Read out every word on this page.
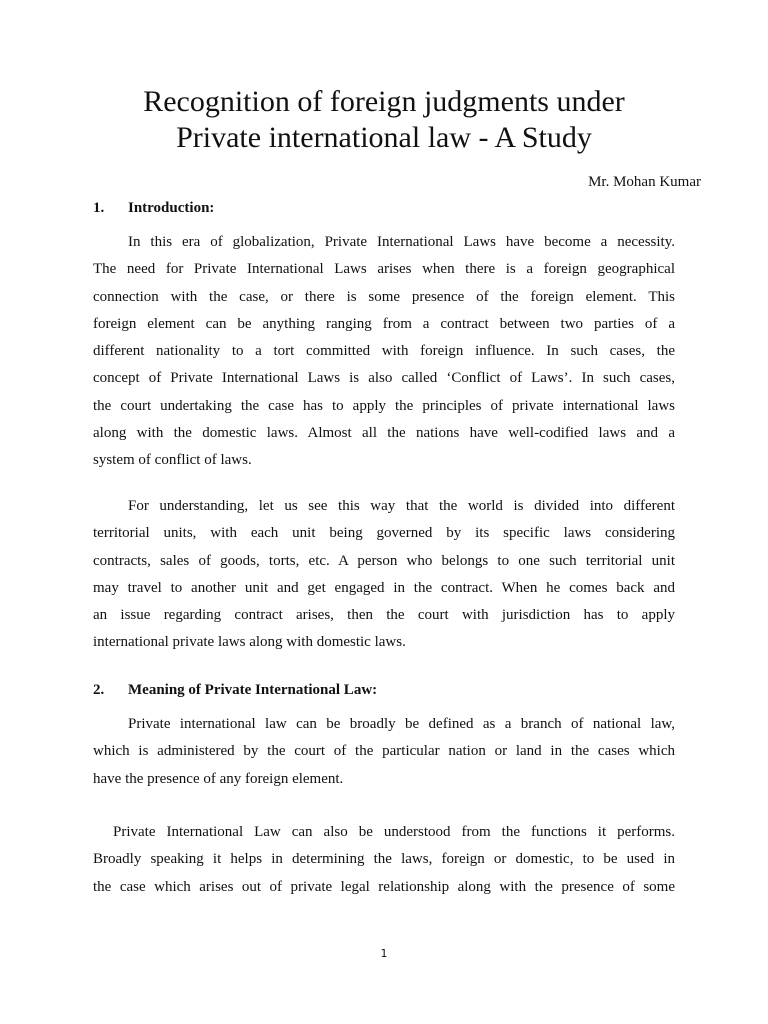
Recognition of foreign judgments under
Private international law - A Study
Mr. Mohan Kumar
1. Introduction:
In this era of globalization, Private International Laws have become a necessity.
The need for Private International Laws arises when there is a foreign geographical
connection with the case, or there is some presence of the foreign element. This
foreign element can be anything ranging from a contract between two parties of a
different nationality to a tort committed with foreign influence. In such cases, the
concept of Private International Laws is also called ‘Conflict of Laws’. In such cases,
the court undertaking the case has to apply the principles of private international laws
along with the domestic laws. Almost all the nations have well-codified laws and a
system of conflict of laws.
For understanding, let us see this way that the world is divided into different
territorial units, with each unit being governed by its specific laws considering
contracts, sales of goods, torts, etc. A person who belongs to one such territorial unit
may travel to another unit and get engaged in the contract. When he comes back and
an issue regarding contract arises, then the court with jurisdiction has to apply
international private laws along with domestic laws.
2. Meaning of Private International Law:
Private international law can be broadly be defined as a branch of national law,
which is administered by the court of the particular nation or land in the cases which
have the presence of any foreign element.
Private International Law can also be understood from the functions it performs.
Broadly speaking it helps in determining the laws, foreign or domestic, to be used in
the case which arises out of private legal relationship along with the presence of some
1
